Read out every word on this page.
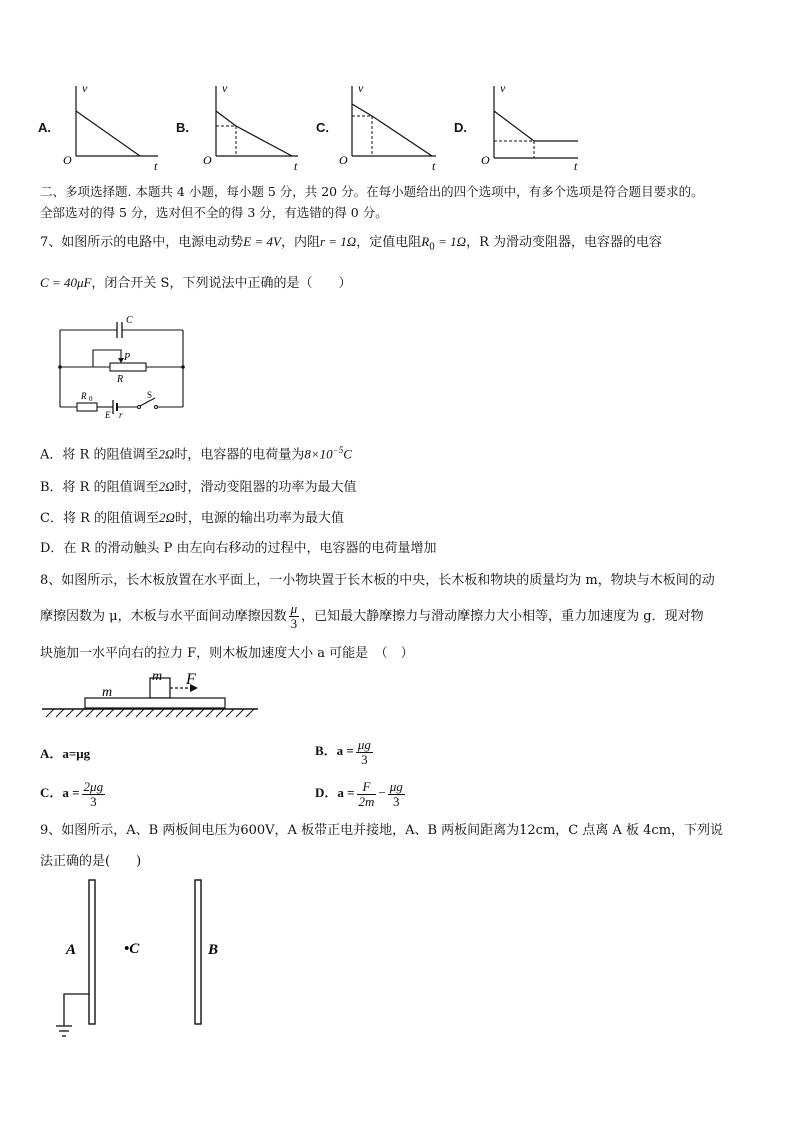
A.
v
t
O
B.
v
t
O
C.
v
t
O
D.
v
t
O
二、多项选择题. 本题共 4 小题，每小题 5 分，共 20 分。在每小题给出的四个选项中，有多个选项是符合题目要求的。
全部选对的得 5 分，选对但不全的得 3 分，有选错的得 0 分。
7、如图所示的电路中，电源电动势E = 4V，内阻r = 1Ω，定值电阻$R_0 = 1\Omega$，R 为滑动变阻器，电容器的电容
C = 40μF，闭合开关 S，下列说法中正确的是（　　）
C
P
R
R 0
E r
S
A．将 R 的阻值调至2Ω时，电容器的电荷量为$8\times 10^{-5}C$
B．将 R 的阻值调至2Ω时，滑动变阻器的功率为最大值
C．将 R 的阻值调至2Ω时，电源的输出功率为最大值
D．在 R 的滑动触头 P 由左向右移动的过程中，电容器的电荷量增加
8、如图所示，长木板放置在水平面上，一小物块置于长木板的中央，长木板和物块的质量均为 m，物块与木板间的动
摩擦因数为 μ，木板与水平面间动摩擦因数 $\frac{\mu}{3}$ ，已知最大静摩擦力与滑动摩擦力大小相等，重力加速度为 g．现对物
块施加一水平向右的拉力 F，则木板加速度大小 a 可能是　（　）
m F
m
A．a=μg	B．$a = \frac{\mu g}{3}$
C．$a = \frac{2\mu g}{3}$	D．$a = \frac{F}{2m} - \frac{\mu g}{3}$
9、如图所示，A、B 两板间电压为600V，A 板带正电并接地，A、B 两板间距离为12cm，C 点离 A 板 4cm，下列说
法正确的是(　　)
A	B
•C
